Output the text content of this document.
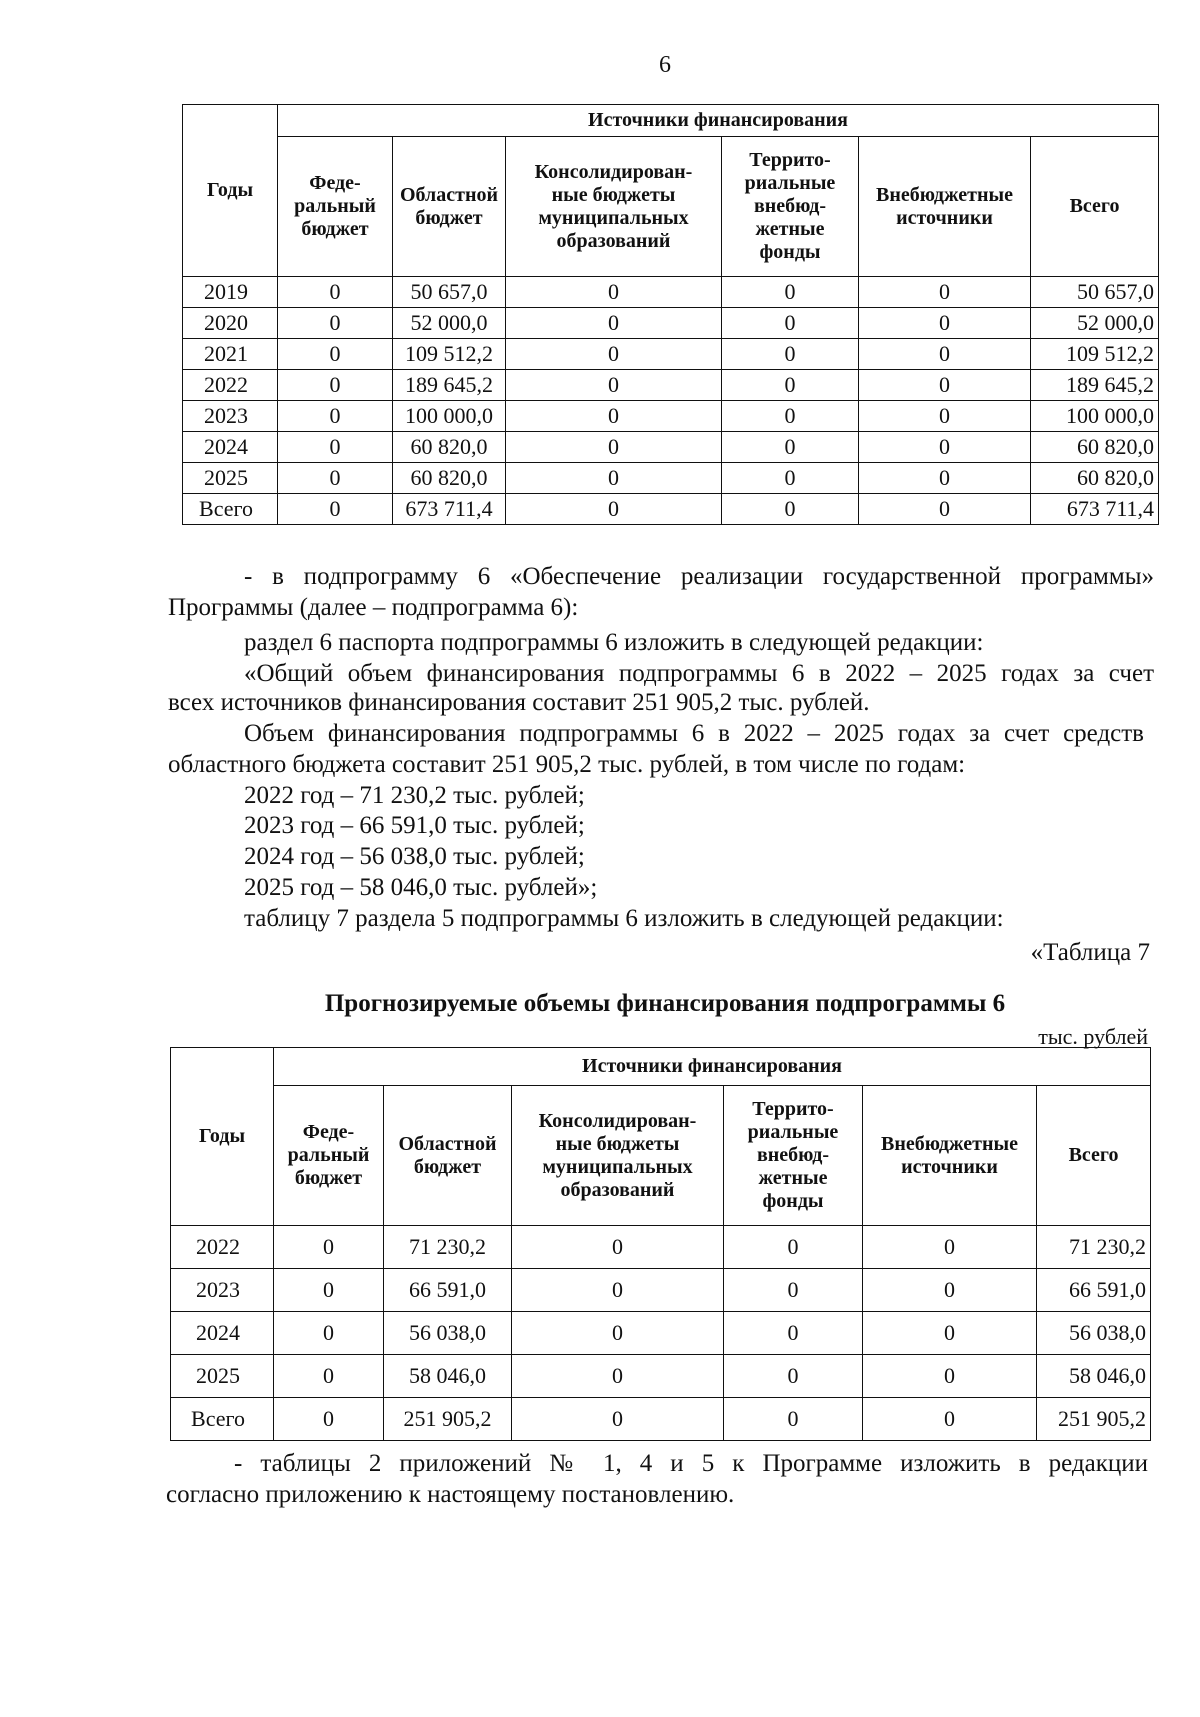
6
Годы	Источники финансирования					
	Феде-
ральный
бюджет	Областной
бюджет	Консолидирован-
ные бюджеты
муниципальных
образований	Террито-
риальные
внебюд-
жетные
фонды	Внебюджетные
источники	Всего
2019	0	50 657,0	0	0	0	50 657,0
2020	0	52 000,0	0	0	0	52 000,0
2021	0	109 512,2	0	0	0	109 512,2
2022	0	189 645,2	0	0	0	189 645,2
2023	0	100 000,0	0	0	0	100 000,0
2024	0	60 820,0	0	0	0	60 820,0
2025	0	60 820,0	0	0	0	60 820,0
Всего	0	673 711,4	0	0	0	673 711,4
- в подпрограмму 6 «Обеспечение реализации государственной программы»
Программы (далее – подпрограмма 6):
раздел 6 паспорта подпрограммы 6 изложить в следующей редакции:
«Общий объем финансирования подпрограммы 6 в 2022 – 2025 годах за счет
всех источников финансирования составит 251 905,2 тыс. рублей.
Объем финансирования подпрограммы 6 в 2022 – 2025 годах за счет средств
областного бюджета составит 251 905,2 тыс. рублей, в том числе по годам:
2022 год – 71 230,2 тыс. рублей;
2023 год – 66 591,0 тыс. рублей;
2024 год – 56 038,0 тыс. рублей;
2025 год – 58 046,0 тыс. рублей»;
таблицу 7 раздела 5 подпрограммы 6 изложить в следующей редакции:
«Таблица 7
Прогнозируемые объемы финансирования подпрограммы 6
тыс. рублей
Годы	Источники финансирования					
	Феде-
ральный
бюджет	Областной
бюджет	Консолидирован-
ные бюджеты
муниципальных
образований	Террито-
риальные
внебюд-
жетные
фонды	Внебюджетные
источники	Всего
2022	0	71 230,2	0	0	0	71 230,2
2023	0	66 591,0	0	0	0	66 591,0
2024	0	56 038,0	0	0	0	56 038,0
2025	0	58 046,0	0	0	0	58 046,0
Всего	0	251 905,2	0	0	0	251 905,2
- таблицы 2 приложений № 1, 4 и 5 к Программе изложить в редакции
согласно приложению к настоящему постановлению.
